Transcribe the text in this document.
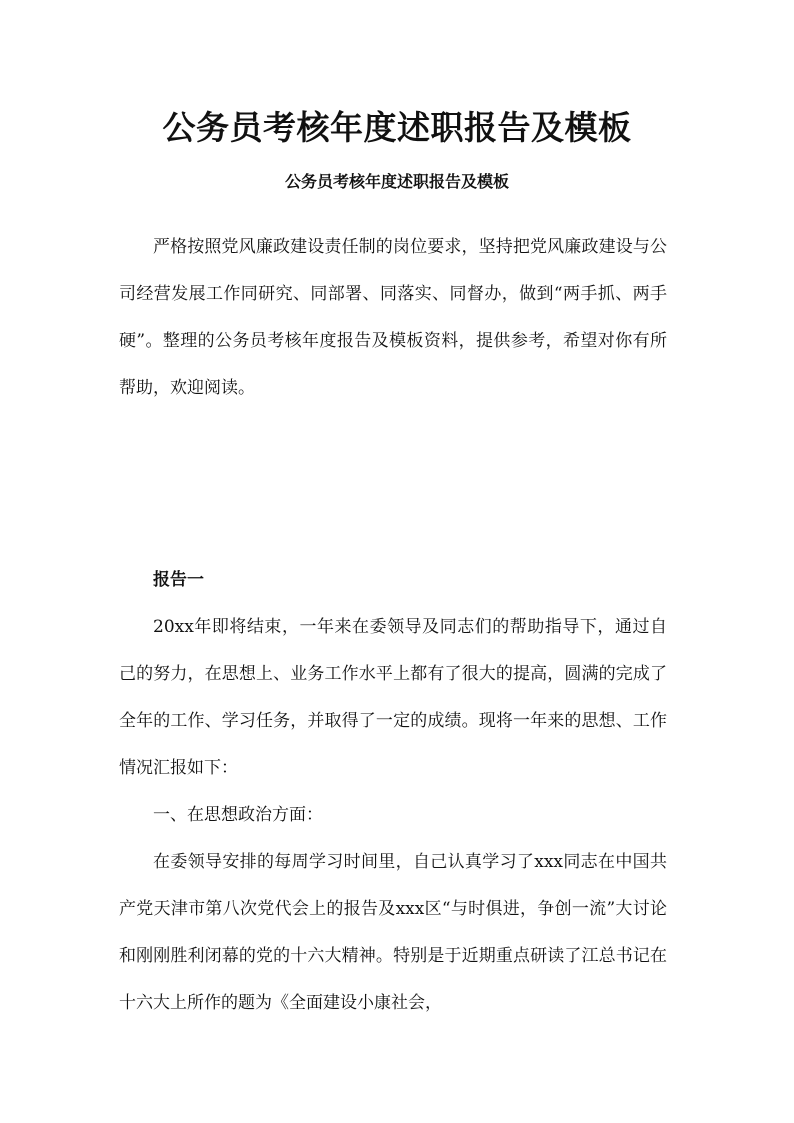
公务员考核年度述职报告及模板
公务员考核年度述职报告及模板

严格按照党风廉政建设责任制的岗位要求，坚持把党风廉政建设与公司经营发展工作同研究、同部署、同落实、同督办，做到“两手抓、两手硬”。整理的公务员考核年度报告及模板资料，提供参考，希望对你有所帮助，欢迎阅读。

报告一

20xx年即将结束，一年来在委领导及同志们的帮助指导下，通过自己的努力，在思想上、业务工作水平上都有了很大的提高，圆满的完成了全年的工作、学习任务，并取得了一定的成绩。现将一年来的思想、工作情况汇报如下：

一、在思想政治方面：

在委领导安排的每周学习时间里，自己认真学习了xxx同志在中国共产党天津市第八次党代会上的报告及xxx区“与时俱进，争创一流”大讨论和刚刚胜利闭幕的党的十六大精神。特别是于近期重点研读了江总书记在十六大上所作的题为《全面建设小康社会，
